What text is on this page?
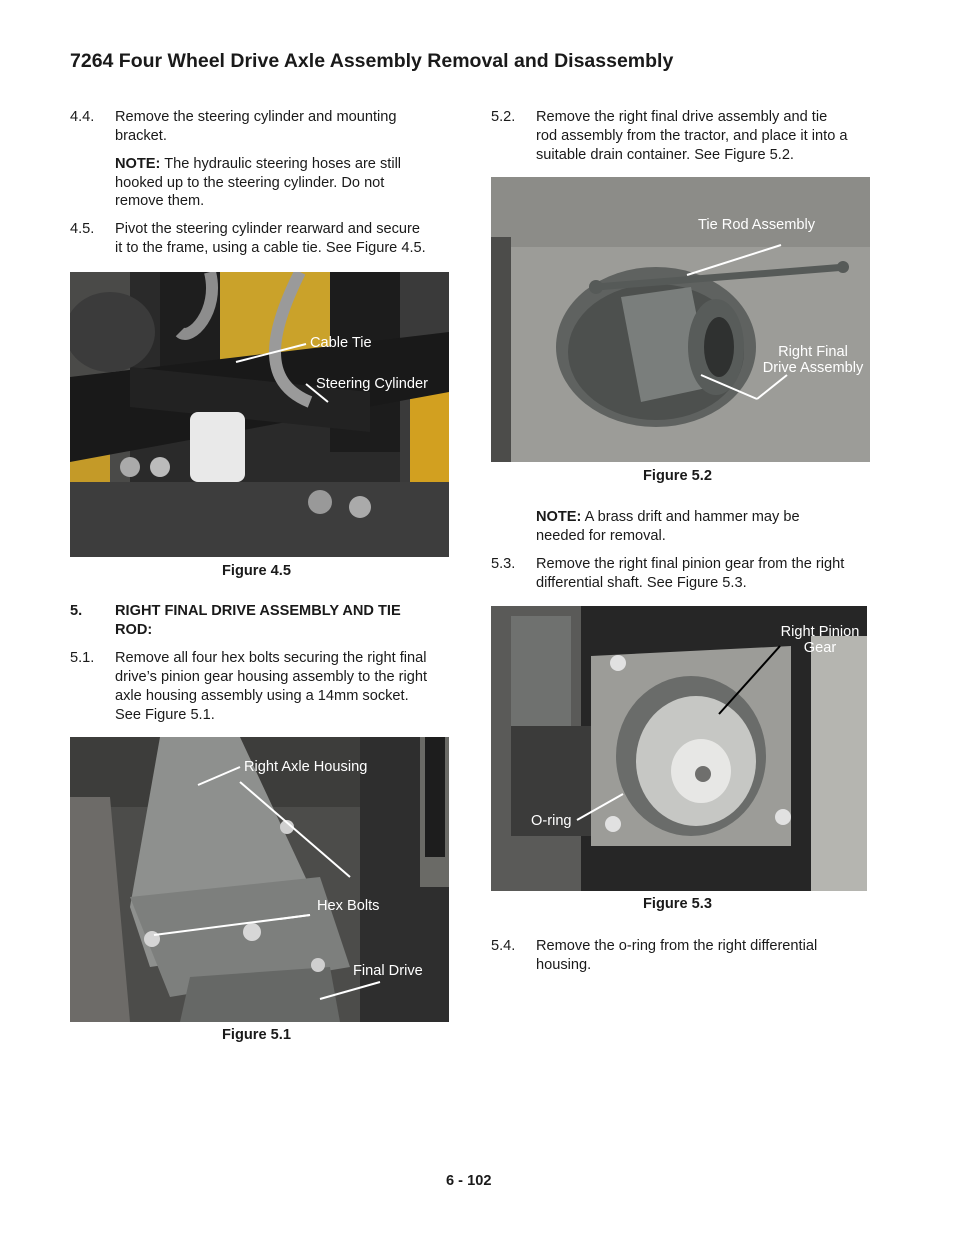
7264 Four Wheel Drive Axle Assembly Removal and Disassembly
4.4. Remove the steering cylinder and mounting
bracket.
NOTE: The hydraulic steering hoses are still
hooked up to the steering cylinder. Do not
remove them.
4.5. Pivot the steering cylinder rearward and secure
it to the frame, using a cable tie. See Figure 4.5.
Cable Tie
Steering Cylinder
Figure 4.5
5. RIGHT FINAL DRIVE ASSEMBLY AND TIE
ROD:
5.1. Remove all four hex bolts securing the right final
drive’s pinion gear housing assembly to the right
axle housing assembly using a 14mm socket.
See Figure 5.1.
Right Axle Housing
Hex Bolts
Final Drive
Figure 5.1
5.2. Remove the right final drive assembly and tie
rod assembly from the tractor, and place it into a
suitable drain container. See Figure 5.2.
Tie Rod Assembly
Right Final
Drive Assembly
Figure 5.2
NOTE: A brass drift and hammer may be
needed for removal.
5.3. Remove the right final pinion gear from the right
differential shaft. See Figure 5.3.
Right Pinion
Gear
O-ring
Figure 5.3
5.4. Remove the o-ring from the right differential
housing.
6 - 102
